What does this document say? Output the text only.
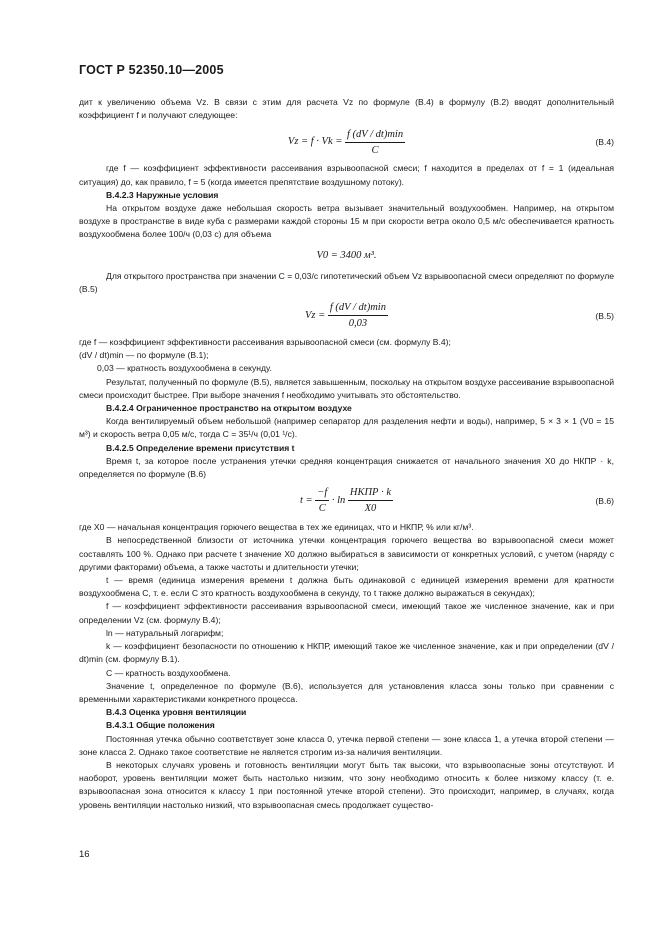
ГОСТ Р 52350.10—2005

дит к увеличению объема Vz. В связи с этим для расчета Vz по формуле (В.4) в формулу (В.2) вводят дополнительный коэффициент f и получают следующее:

$Vz = f \cdot Vk = \frac{f (dV / dt)\min}{C}$	(В.4)

где f — коэффициент эффективности рассеивания взрывоопасной смеси; f находится в пределах от f = 1 (идеальная ситуация) до, как правило, f = 5 (когда имеется препятствие воздушному потоку).

В.4.2.3 Наружные условия

На открытом воздухе даже небольшая скорость ветра вызывает значительный воздухообмен. Например, на открытом воздухе в пространстве в виде куба с размерами каждой стороны 15 м при скорости ветра около 0,5 м/с обеспечивается кратность воздухообмена более 100/ч (0,03 с) для объема

V0 = 3400 м³.

Для открытого пространства при значении C = 0,03/с гипотетический объем Vz взрывоопасной смеси определяют по формуле (В.5)

$Vz = \frac{f (dV / dt)\min}{0,03}$	(В.5)

где f — коэффициент эффективности рассеивания взрывоопасной смеси (см. формулу В.4);

(dV / dt)min — по формуле (В.1);

0,03 — кратность воздухообмена в секунду.

Результат, полученный по формуле (В.5), является завышенным, поскольку на открытом воздухе рассеивание взрывоопасной смеси происходит быстрее. При выборе значения f необходимо учитывать это обстоятельство.

В.4.2.4 Ограниченное пространство на открытом воздухе

Когда вентилируемый объем небольшой (например сепаратор для разделения нефти и воды), например, 5 × 3 × 1 (V0 = 15 м³) и скорость ветра 0,05 м/с, тогда C = 35¹/ч (0,01 ¹/c).

В.4.2.5 Определение времени присутствия t

Время t, за которое после устранения утечки средняя концентрация снижается от начального значения X0 до НКПР · k, определяется по формуле (В.6)

$t = \frac{-f}{C} \cdot \ln \frac{\text{НКПР · k}}{X0}$	(В.6)

где X0 — начальная концентрация горючего вещества в тех же единицах, что и НКПР, % или кг/м³.

В непосредственной близости от источника утечки концентрация горючего вещества во взрывоопасной смеси может составлять 100 %. Однако при расчете t значение X0 должно выбираться в зависимости от конкретных условий, с учетом (наряду с другими факторами) объема, а также частоты и длительности утечки;

t — время (единица измерения времени t должна быть одинаковой с единицей измерения времени для кратности воздухообмена C, т. е. если C это кратность воздухообмена в секунду, то t также должно выражаться в секундах);

f — коэффициент эффективности рассеивания взрывоопасной смеси, имеющий такое же численное значение, как и при определении Vz (см. формулу В.4);

ln — натуральный логарифм;

k — коэффициент безопасности по отношению к НКПР, имеющий такое же численное значение, как и при определении (dV / dt)min (см. формулу В.1).

C — кратность воздухообмена.

Значение t, определенное по формуле (В.6), используется для установления класса зоны только при сравнении с временными характеристиками конкретного процесса.

В.4.3 Оценка уровня вентиляции

В.4.3.1 Общие положения

Постоянная утечка обычно соответствует зоне класса 0, утечка первой степени — зоне класса 1, а утечка второй степени — зоне класса 2. Однако такое соответствие не является строгим из-за наличия вентиляции.

В некоторых случаях уровень и готовность вентиляции могут быть так высоки, что взрывоопасные зоны отсутствуют. И наоборот, уровень вентиляции может быть настолько низким, что зону необходимо относить к более низкому классу (т. е. взрывоопасная зона относится к классу 1 при постоянной утечке второй степени). Это происходит, например, в случаях, когда уровень вентиляции настолько низкий, что взрывоопасная смесь продолжает существо-

16
